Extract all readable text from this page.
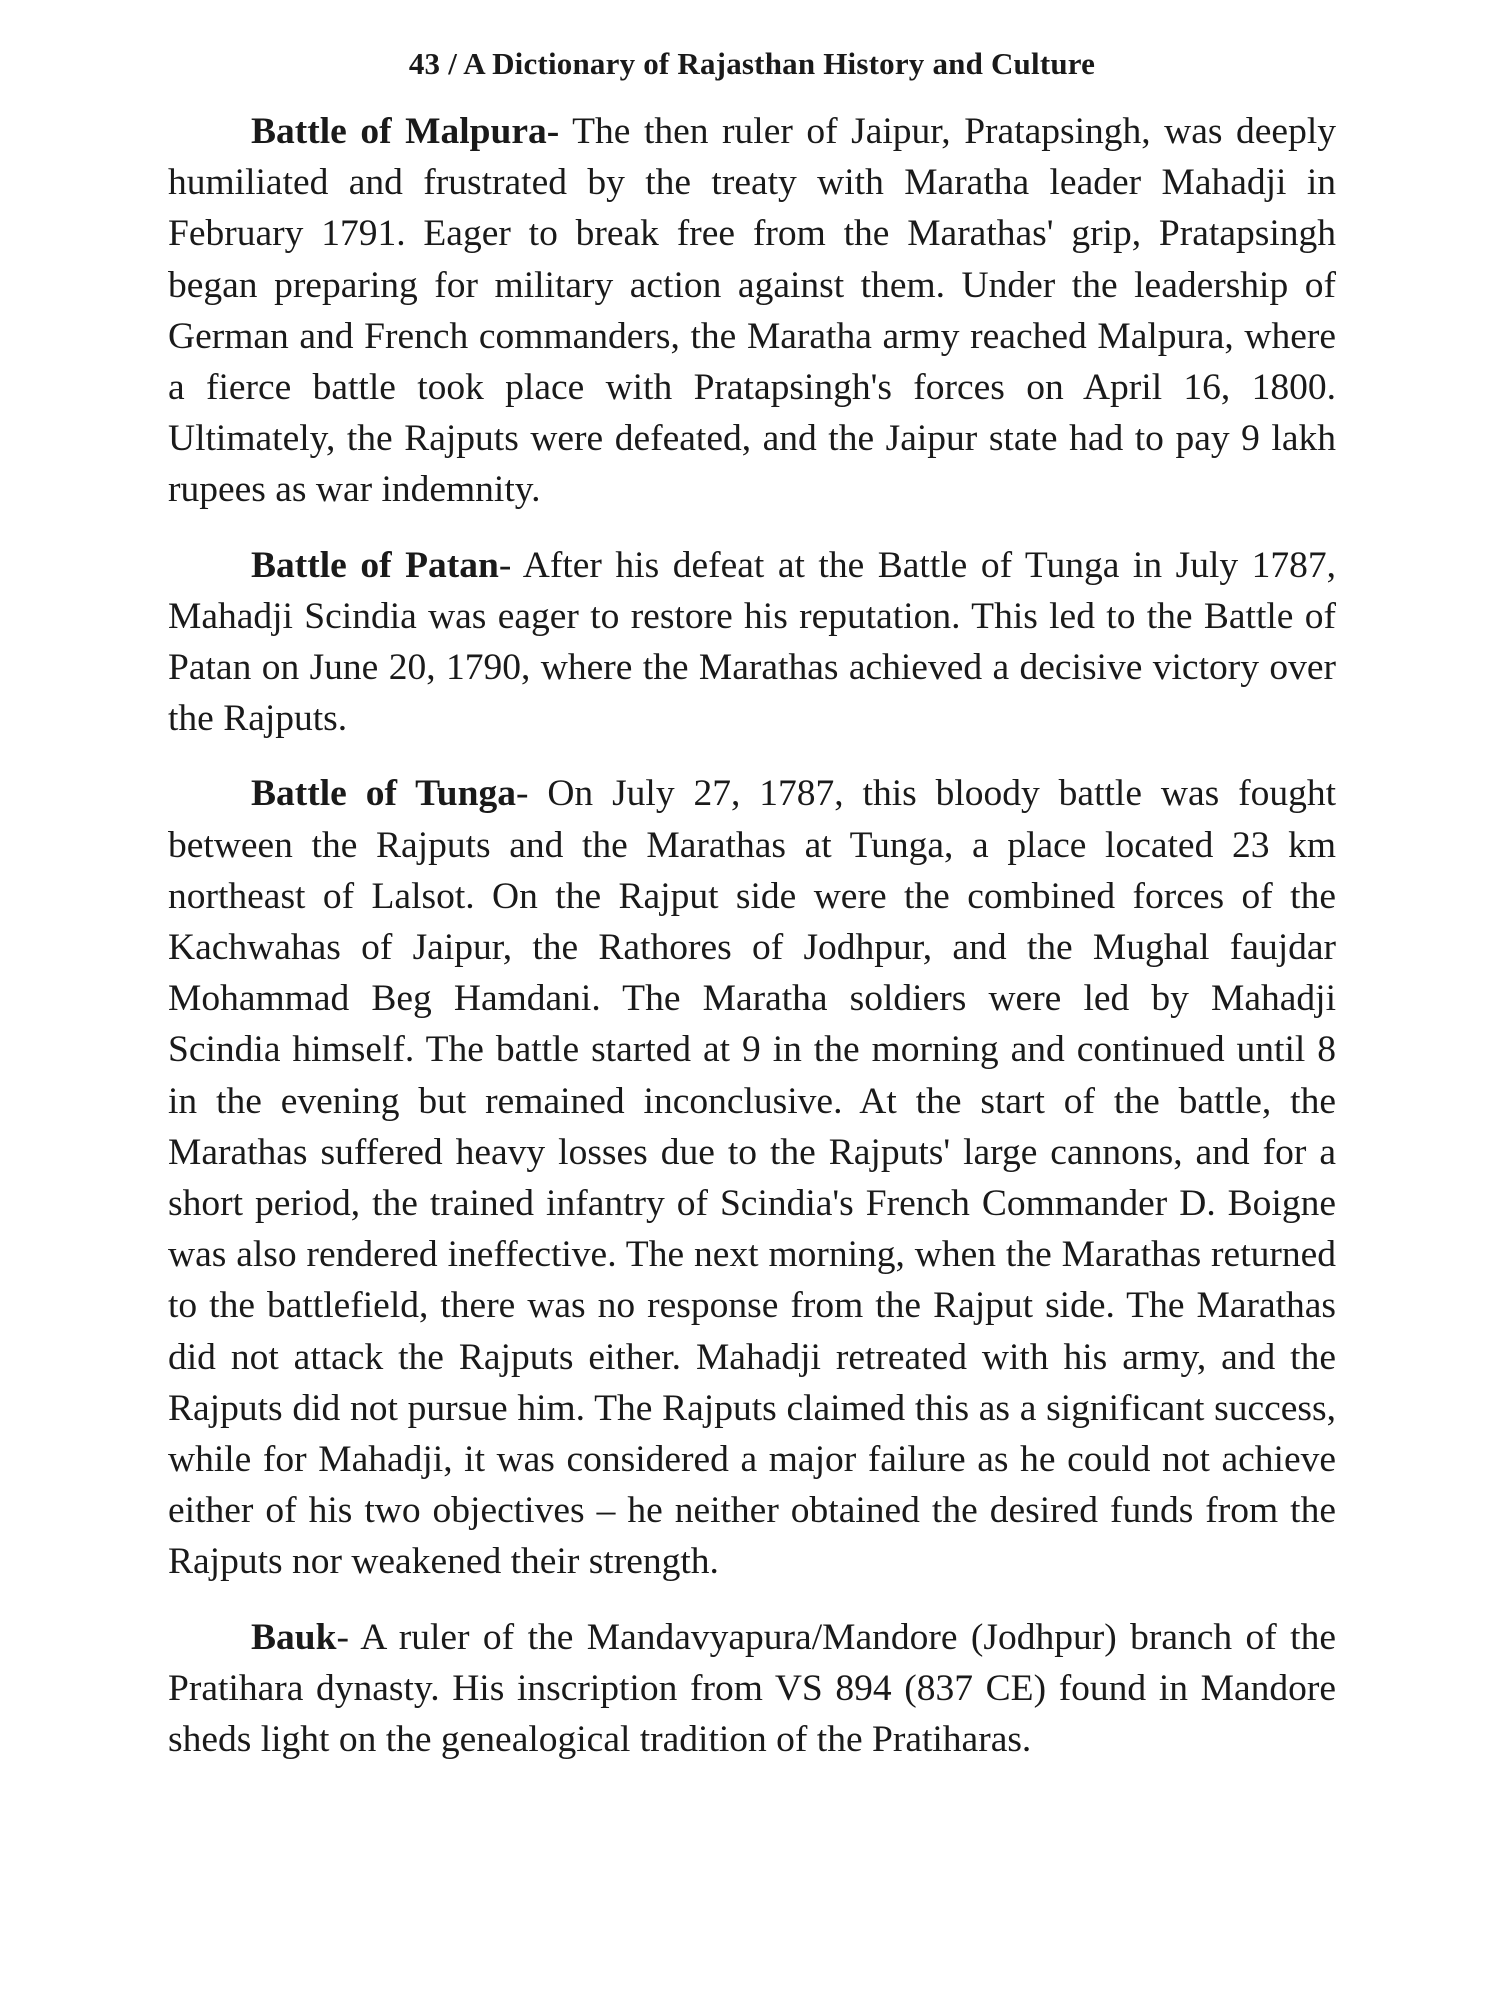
43 / A Dictionary of Rajasthan History and Culture

Battle of Malpura- The then ruler of Jaipur, Pratapsingh, was deeply humiliated and frustrated by the treaty with Maratha leader Mahadji in February 1791. Eager to break free from the Marathas' grip, Pratapsingh began preparing for military action against them. Under the leadership of German and French commanders, the Maratha army reached Malpura, where a fierce battle took place with Pratapsingh's forces on April 16, 1800. Ultimately, the Rajputs were defeated, and the Jaipur state had to pay 9 lakh rupees as war indemnity.

Battle of Patan- After his defeat at the Battle of Tunga in July 1787, Mahadji Scindia was eager to restore his reputation. This led to the Battle of Patan on June 20, 1790, where the Marathas achieved a decisive victory over the Rajputs.

Battle of Tunga- On July 27, 1787, this bloody battle was fought between the Rajputs and the Marathas at Tunga, a place located 23 km northeast of Lalsot. On the Rajput side were the combined forces of the Kachwahas of Jaipur, the Rathores of Jodhpur, and the Mughal faujdar Mohammad Beg Hamdani. The Maratha soldiers were led by Mahadji Scindia himself. The battle started at 9 in the morning and continued until 8 in the evening but remained inconclusive. At the start of the battle, the Marathas suffered heavy losses due to the Rajputs' large cannons, and for a short period, the trained infantry of Scindia's French Commander D. Boigne was also rendered ineffective. The next morning, when the Marathas returned to the battlefield, there was no response from the Rajput side. The Marathas did not attack the Rajputs either. Mahadji retreated with his army, and the Rajputs did not pursue him. The Rajputs claimed this as a significant success, while for Mahadji, it was considered a major failure as he could not achieve either of his two objectives – he neither obtained the desired funds from the Rajputs nor weakened their strength.

Bauk- A ruler of the Mandavyapura/Mandore (Jodhpur) branch of the Pratihara dynasty. His inscription from VS 894 (837 CE) found in Mandore sheds light on the genealogical tradition of the Pratiharas.
